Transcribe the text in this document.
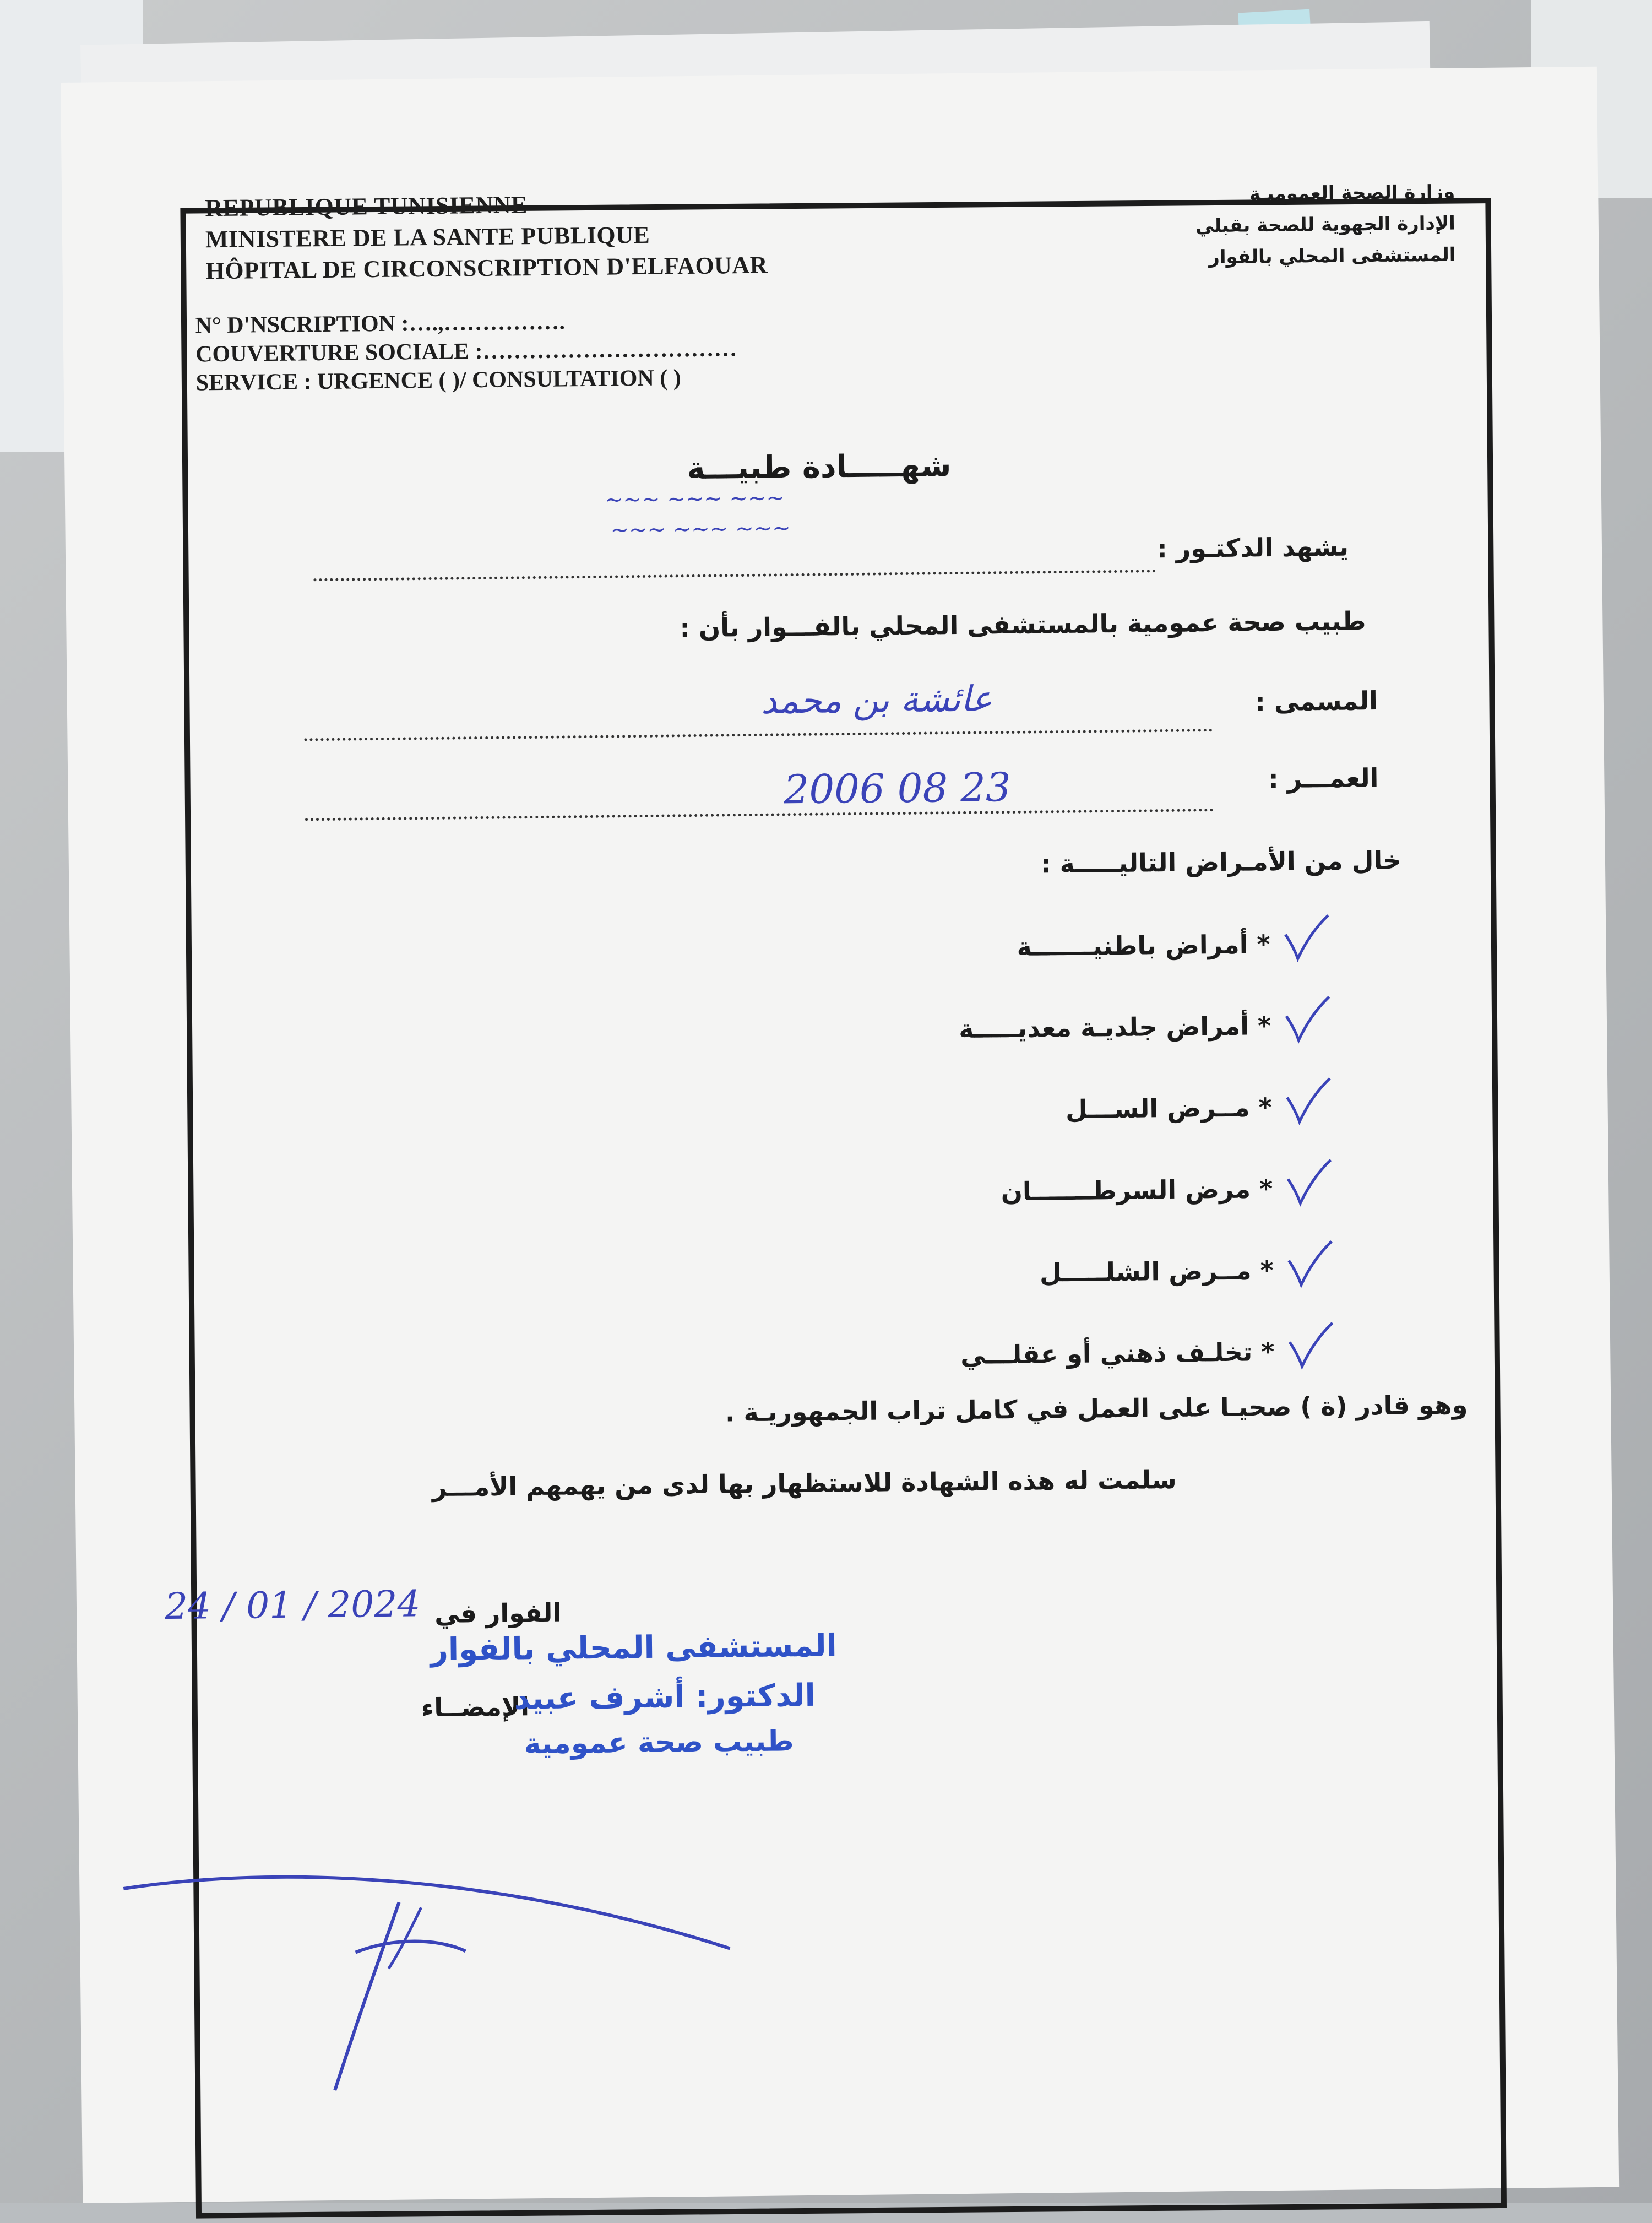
REPUBLIQUE TUNISIENNE
MINISTERE DE LA SANTE PUBLIQUE
HÔPITAL DE CIRCONSCRIPTION D'ELFAOUAR
وزارة الصحة العموميـة
الإدارة الجهوية للصحة بقبلي
المستشفى المحلي بالفوار
N° D'NSCRIPTION :….,…………….
COUVERTURE SOCIALE :……………………………
SERVICE : URGENCE ( )/ CONSULTATION ( )
شهـــــادة طبيـــة
~~~ ~~~ ~~~
~~~ ~~~ ~~~
يشهد الدكتـور :
طبيب صحة عمومية بالمستشفى المحلي بالفـــوار بأن :
المسمى :
عائشة بن محمد
العمـــر :
2006 08 23
خال من الأمـراض التاليـــــة :
* أمراض باطنيـــــــة
* أمراض جلديـة معديـــــة
* مــرض الســـل
* مرض السرطـــــــان
* مــرض الشلـــــل
* تخلـف ذهني أو عقلـــي
وهو قادر (ة ) صحيـا على العمل في كامل تراب الجمهوريـة .
سلمت له هذه الشهادة للاستظهار بها لدى من يهمهم الأمـــر
الفوار في
24 / 01 / 2024
الإمضــاء
المستشفى المحلي بالفوار
الدكتور: أشرف عبيد
طبيب صحة عمومية
